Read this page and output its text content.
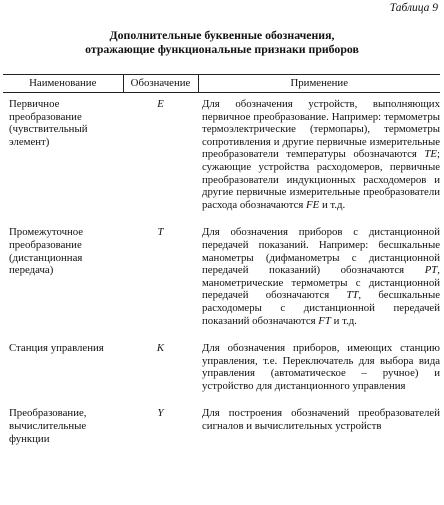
Таблица 9
Дополнительные буквенные обозначения,
отражающие функциональные признаки приборов
Наименование	Обозначение	Применение
Первичное преобразование (чувствительный элемент)	E	Для обозначения устройств, выполняющих первичное преобразование. Например: термометры термоэлектрические (термопары), термометры сопротивления и другие первичные измерительные преобразователи температуры обозначаются TE; сужающие устройства расходомеров, первичные преобразователи индукционных расходомеров и другие первичные измерительные преобразователи расхода обозначаются FE и т.д.
Промежуточное преобразование (дистанционная передача)	T	Для обозначения приборов с дистанционной передачей показаний. Например: бесшкальные манометры (дифманометры с дистанционной передачей показаний) обозначаются PT, манометрические термометры с дистанционной передачей обозначаются TT, бесшкальные расходомеры с дистанционной передачей показаний обозначаются FT и т.д.
Станция управления	K	Для обозначения приборов, имеющих станцию управления, т.е. Переключатель для выбора вида управления (автоматическое – ручное) и устройство для дистанционного управления
Преобразование, вычислительные функции	Y	Для построения обозначений преобразователей сигналов и вычислительных устройств
